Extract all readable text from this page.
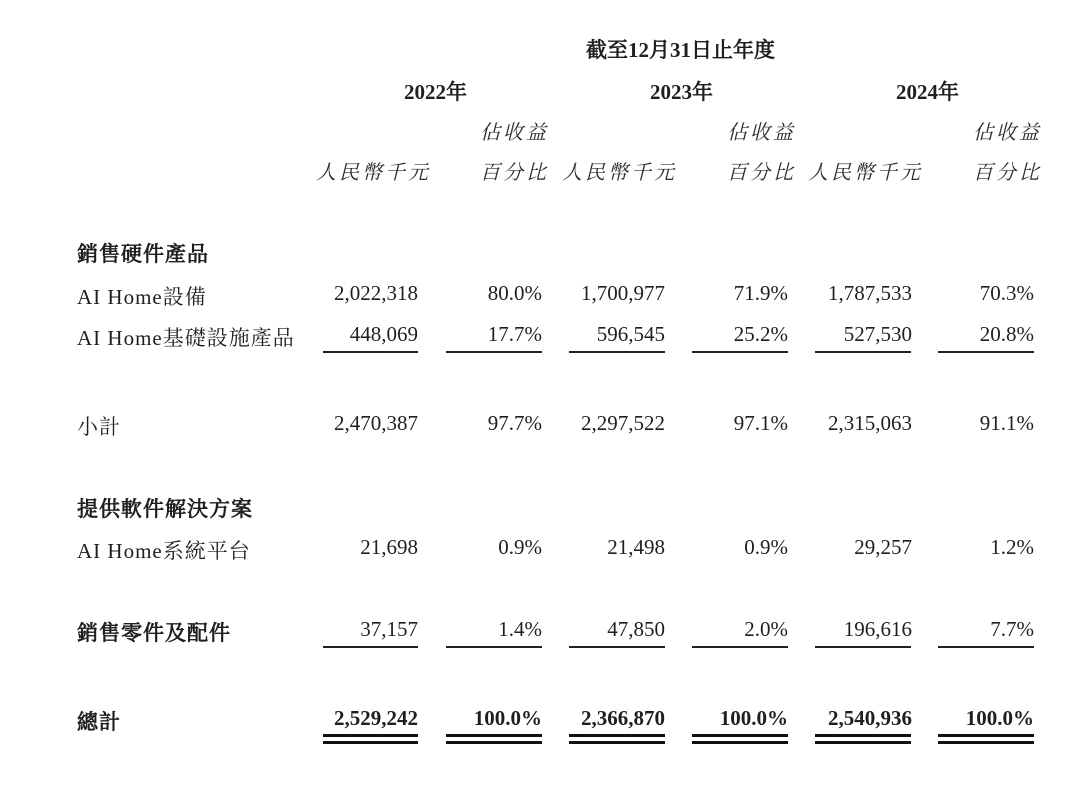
截至12月31日止年度
2022年	2023年	2024年
佔收益	佔收益	佔收益
人民幣千元 百分比 人民幣千元	百分比 人民幣千元	百分比
銷售硬件產品
AI Home設備	2,022,318	80.0% 1,700,977	71.9% 1,787,533	70.3%
AI Home基礎設施產品	448,069	17.7%	596,545	25.2%	527,530	20.8%
小計	2,470,387	97.7% 2,297,522	97.1% 2,315,063	91.1%
提供軟件解決方案
AI Home系統平台	21,698	0.9%	21,498	0.9%	29,257	1.2%
銷售零件及配件	37,157	1.4%	47,850	2.0%	196,616	7.7%
總計	2,529,242	100.0% 2,366,870	100.0% 2,540,936	100.0%
